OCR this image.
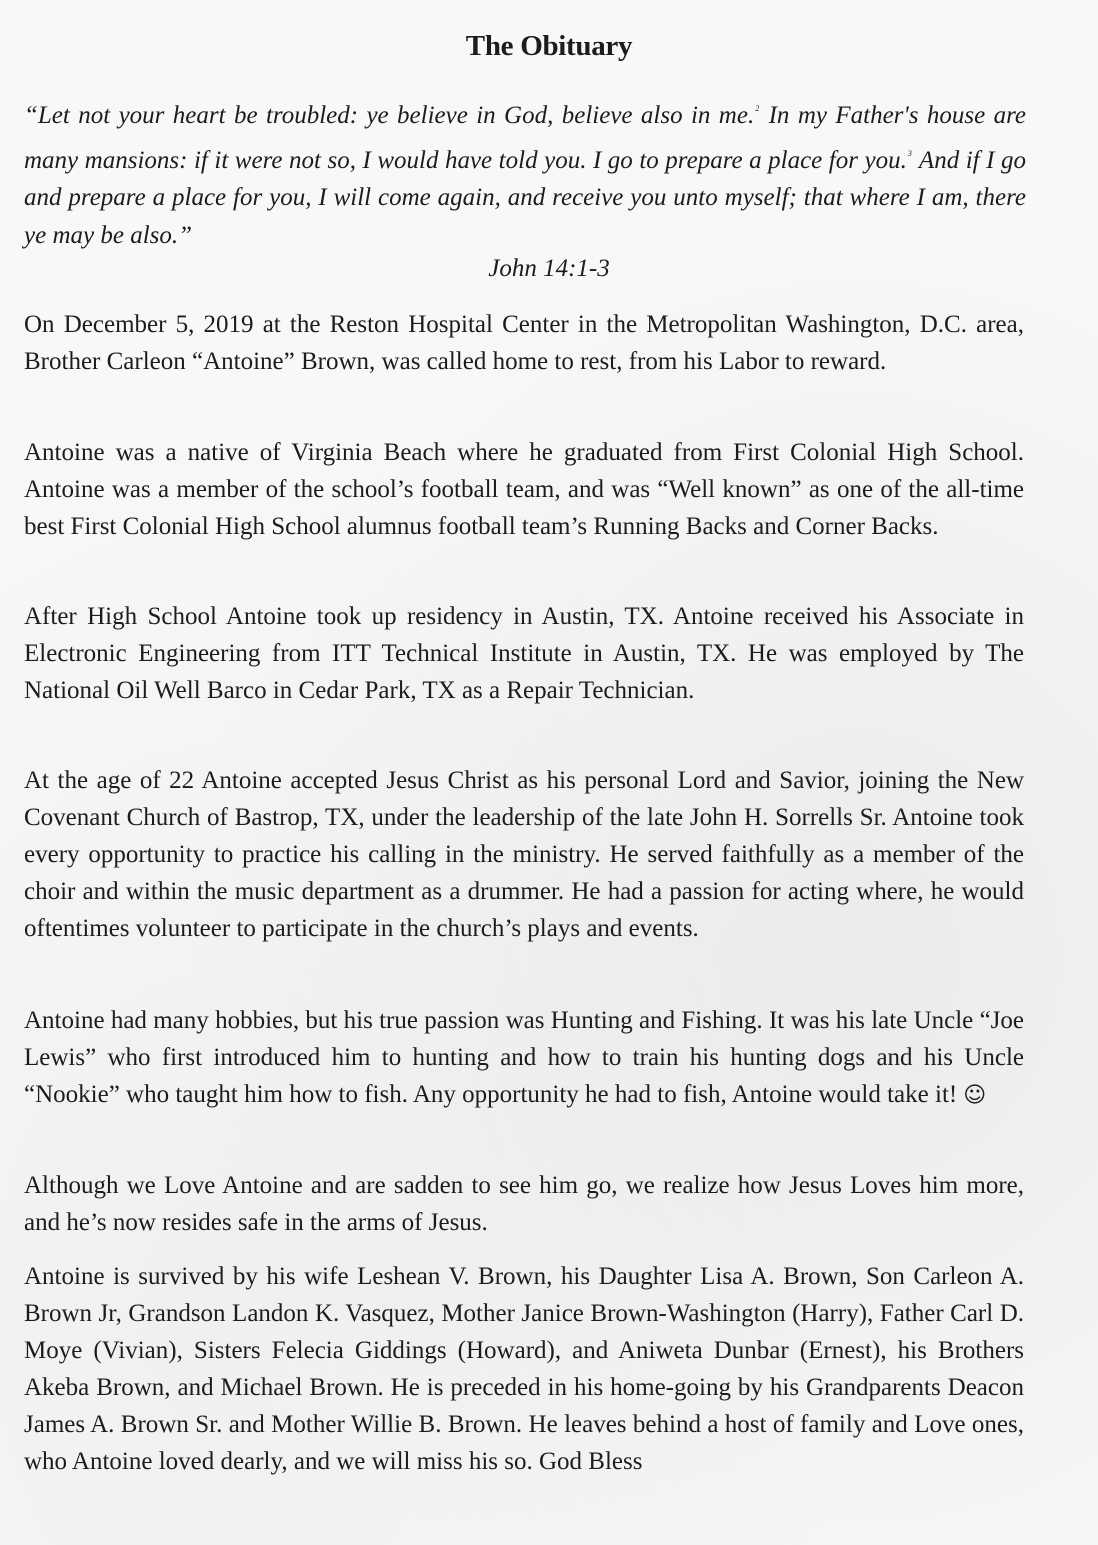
The Obituary
“Let not your heart be troubled: ye believe in God, believe also in me.$^2$ In my Father's house are many mansions: if it were not so, I would have told you. I go to prepare a place for you.$^3$ And if I go and prepare a place for you, I will come again, and receive you unto myself; that where I am, there ye may be also.”
John 14:1-3

On December 5, 2019 at the Reston Hospital Center in the Metropolitan Washington, D.C. area, Brother Carleon “Antoine” Brown, was called home to rest, from his Labor to reward.

Antoine was a native of Virginia Beach where he graduated from First Colonial High School. Antoine was a member of the school’s football team, and was “Well known” as one of the all-time best First Colonial High School alumnus football team’s Running Backs and Corner Backs.

After High School Antoine took up residency in Austin, TX. Antoine received his Associate in Electronic Engineering from ITT Technical Institute in Austin, TX. He was employed by The National Oil Well Barco in Cedar Park, TX as a Repair Technician.

At the age of 22 Antoine accepted Jesus Christ as his personal Lord and Savior, joining the New Covenant Church of Bastrop, TX, under the leadership of the late John H. Sorrells Sr. Antoine took every opportunity to practice his calling in the ministry. He served faithfully as a member of the choir and within the music department as a drummer. He had a passion for acting where, he would oftentimes volunteer to participate in the church’s plays and events.

Antoine had many hobbies, but his true passion was Hunting and Fishing. It was his late Uncle “Joe Lewis” who first introduced him to hunting and how to train his hunting dogs and his Uncle “Nookie” who taught him how to fish. Any opportunity he had to fish, Antoine would take it! ☺

Although we Love Antoine and are sadden to see him go, we realize how Jesus Loves him more, and he’s now resides safe in the arms of Jesus.

Antoine is survived by his wife Leshean V. Brown, his Daughter Lisa A. Brown, Son Carleon A. Brown Jr, Grandson Landon K. Vasquez, Mother Janice Brown-Washington (Harry), Father Carl D. Moye (Vivian), Sisters Felecia Giddings (Howard), and Aniweta Dunbar (Ernest), his Brothers Akeba Brown, and Michael Brown. He is preceded in his home-going by his Grandparents Deacon James A. Brown Sr. and Mother Willie B. Brown. He leaves behind a host of family and Love ones, who Antoine loved dearly, and we will miss his so. God Bless
